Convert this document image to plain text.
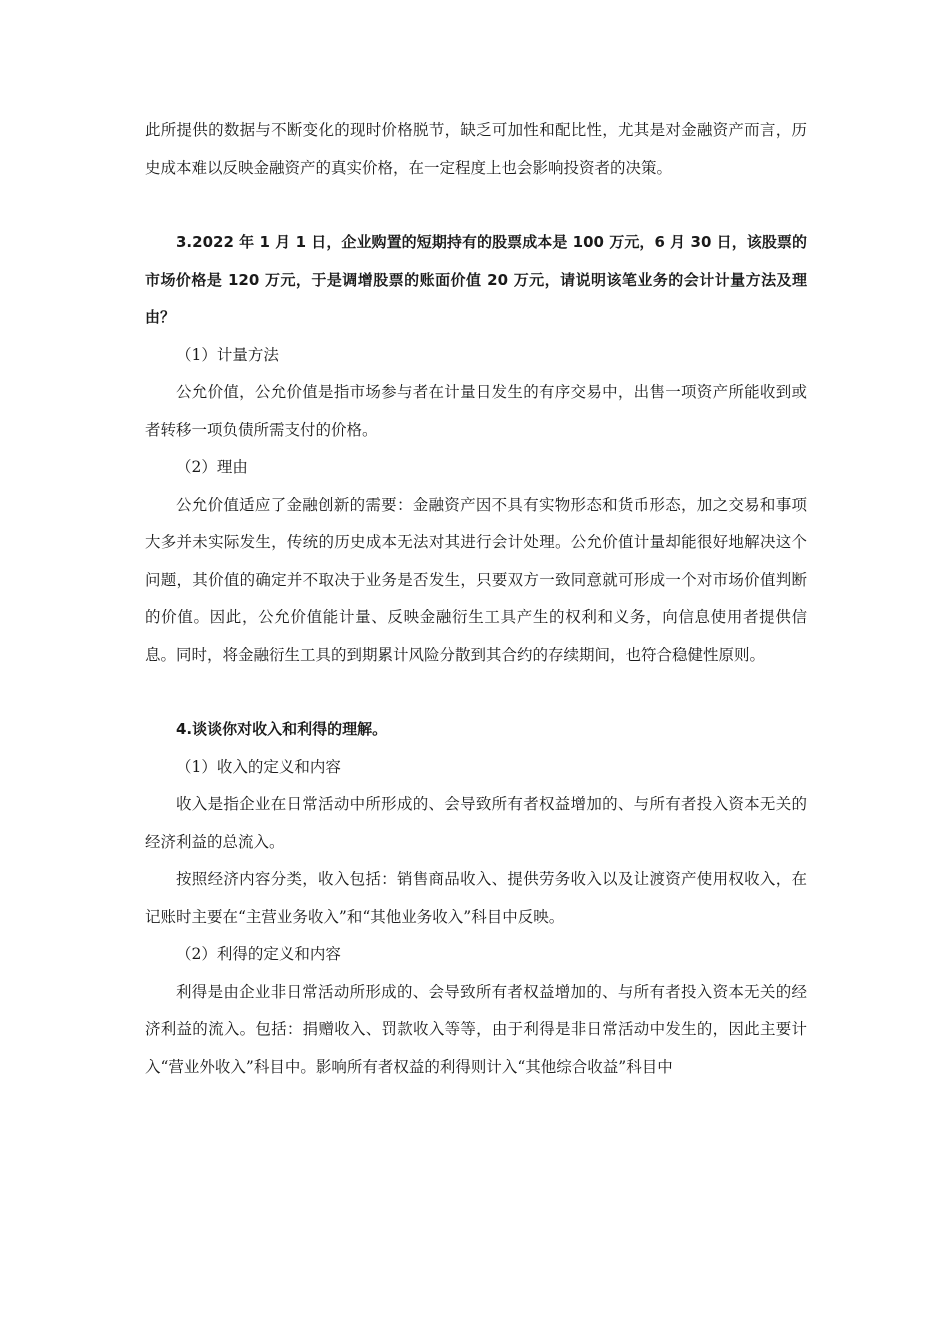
此所提供的数据与不断变化的现时价格脱节，缺乏可加性和配比性，尤其是对金融资产而言，历史成本难以反映金融资产的真实价格，在一定程度上也会影响投资者的决策。

3.2022 年 1 月 1 日，企业购置的短期持有的股票成本是 100 万元，6 月 30 日，该股票的市场价格是 120 万元，于是调增股票的账面价值 20 万元，请说明该笔业务的会计计量方法及理由？

（1）计量方法

公允价值，公允价值是指市场参与者在计量日发生的有序交易中，出售一项资产所能收到或者转移一项负债所需支付的价格。

（2）理由

公允价值适应了金融创新的需要：金融资产因不具有实物形态和货币形态，加之交易和事项大多并未实际发生，传统的历史成本无法对其进行会计处理。公允价值计量却能很好地解决这个问题，其价值的确定并不取决于业务是否发生，只要双方一致同意就可形成一个对市场价值判断的价值。因此，公允价值能计量、反映金融衍生工具产生的权利和义务，向信息使用者提供信息。同时，将金融衍生工具的到期累计风险分散到其合约的存续期间，也符合稳健性原则。

4.谈谈你对收入和利得的理解。

（1）收入的定义和内容

收入是指企业在日常活动中所形成的、会导致所有者权益增加的、与所有者投入资本无关的经济利益的总流入。

按照经济内容分类，收入包括：销售商品收入、提供劳务收入以及让渡资产使用权收入，在记账时主要在“主营业务收入”和“其他业务收入”科目中反映。

（2）利得的定义和内容

利得是由企业非日常活动所形成的、会导致所有者权益增加的、与所有者投入资本无关的经济利益的流入。包括：捐赠收入、罚款收入等等，由于利得是非日常活动中发生的，因此主要计入“营业外收入”科目中。影响所有者权益的利得则计入“其他综合收益”科目中
